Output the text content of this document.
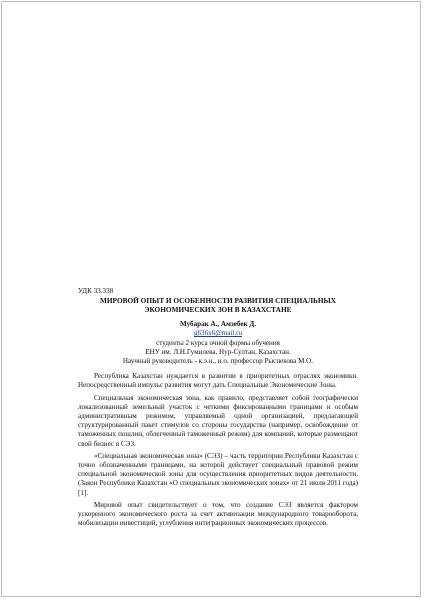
УДК 33.338

МИРОВОЙ ОПЫТ И ОСОБЕННОСТИ РАЗВИТИЯ СПЕЦИАЛЬНЫХ

ЭКОНОМИЧЕСКИХ ЗОН В КАЗАХСТАНЕ

Мубарак А., Амзебек Д.

g636x6@mail.ru

студенты 2 курса очной формы обучения

ЕНУ им. Л.Н.Гумилева, Нур-Султан, Казахстан.

Научный руководитель - к.э.н., и.о. профессор Рыспекова М.О.

Республика Казахстан нуждается в развитии в приоритетных отраслях экономики. Непосредственный импульс развития могут дать Специальные Экономические Зоны.

Специальная экономическая зона, как правило, представляет собой географически локализованный земельный участок с четкими фиксированными границами и особым административным режимом, управляемый одной организацией, предлагающей структурированный пакет стимулов со стороны государства (например, освобождение от таможенных пошлин, облегченный таможенный режим) для компаний, которые размещают свой бизнес в СЭЗ.

«Специальная экономическая зона» (СЭЗ) – часть территории Республики Казахстан с точно обозначенными границами, на которой действует специальный правовой режим специальной экономической зоны для осуществления приоритетных видов деятельности. (Закон Республики Казахстан «О специальных экономических зонах» от 21 июля 2011 года)[1].

Мировой опыт свидетельствует о том, что создание СЭЗ является фактором ускоренного экономического роста за счет активизации международного товарооборота, мобилизации инвестиций, углубления интеграционных экономических процессов.
